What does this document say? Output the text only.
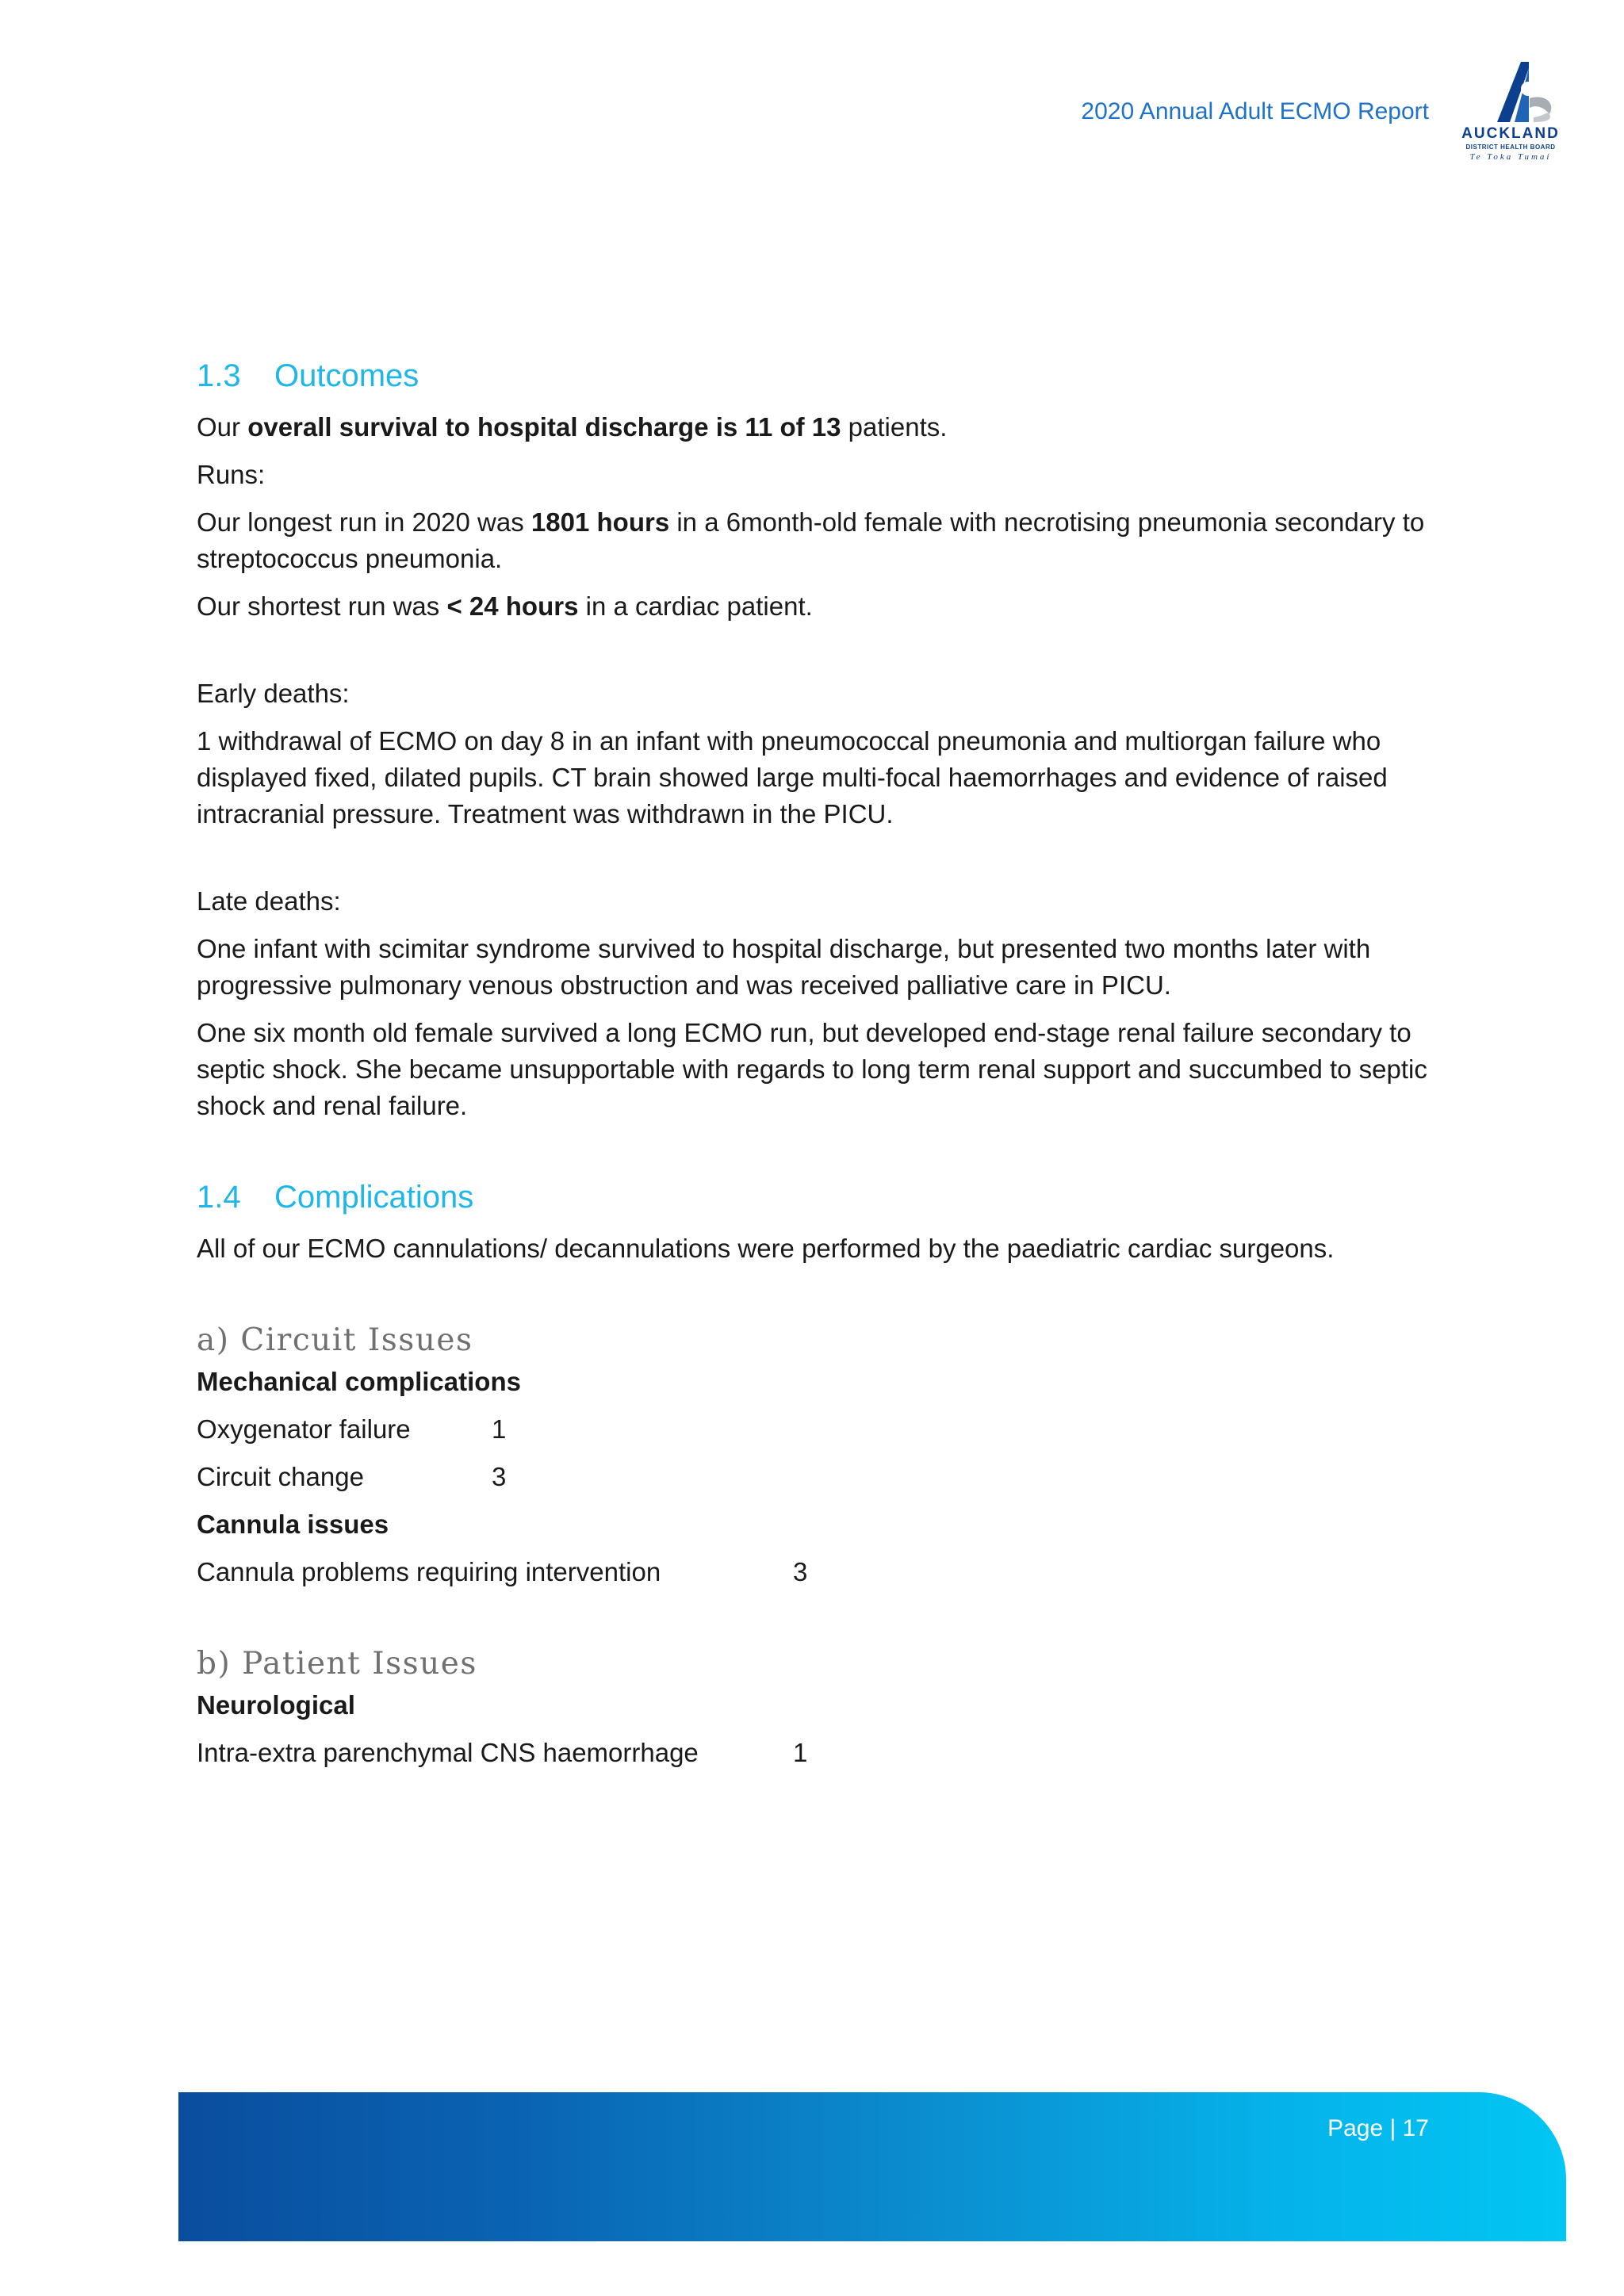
2020 Annual Adult ECMO Report
AUCKLAND
DISTRICT HEALTH BOARD
Te Toka Tumai
1.3 Outcomes

Our overall survival to hospital discharge is 11 of 13 patients.

Runs:

Our longest run in 2020 was 1801 hours in a 6month-old female with necrotising pneumonia secondary to streptococcus pneumonia.

Our shortest run was < 24 hours in a cardiac patient.

Early deaths:

1 withdrawal of ECMO on day 8 in an infant with pneumococcal pneumonia and multiorgan failure who displayed fixed, dilated pupils. CT brain showed large multi-focal haemorrhages and evidence of raised intracranial pressure. Treatment was withdrawn in the PICU.

Late deaths:

One infant with scimitar syndrome survived to hospital discharge, but presented two months later with progressive pulmonary venous obstruction and was received palliative care in PICU.

One six month old female survived a long ECMO run, but developed end-stage renal failure secondary to septic shock. She became unsupportable with regards to long term renal support and succumbed to septic shock and renal failure.

1.4 Complications

All of our ECMO cannulations/ decannulations were performed by the paediatric cardiac surgeons.

a) Circuit Issues

Mechanical complications

Oxygenator failure	1
Circuit change	3

Cannula issues

Cannula problems requiring intervention	3
b) Patient Issues

Neurological

Intra-extra parenchymal CNS haemorrhage	1
Page | 17
